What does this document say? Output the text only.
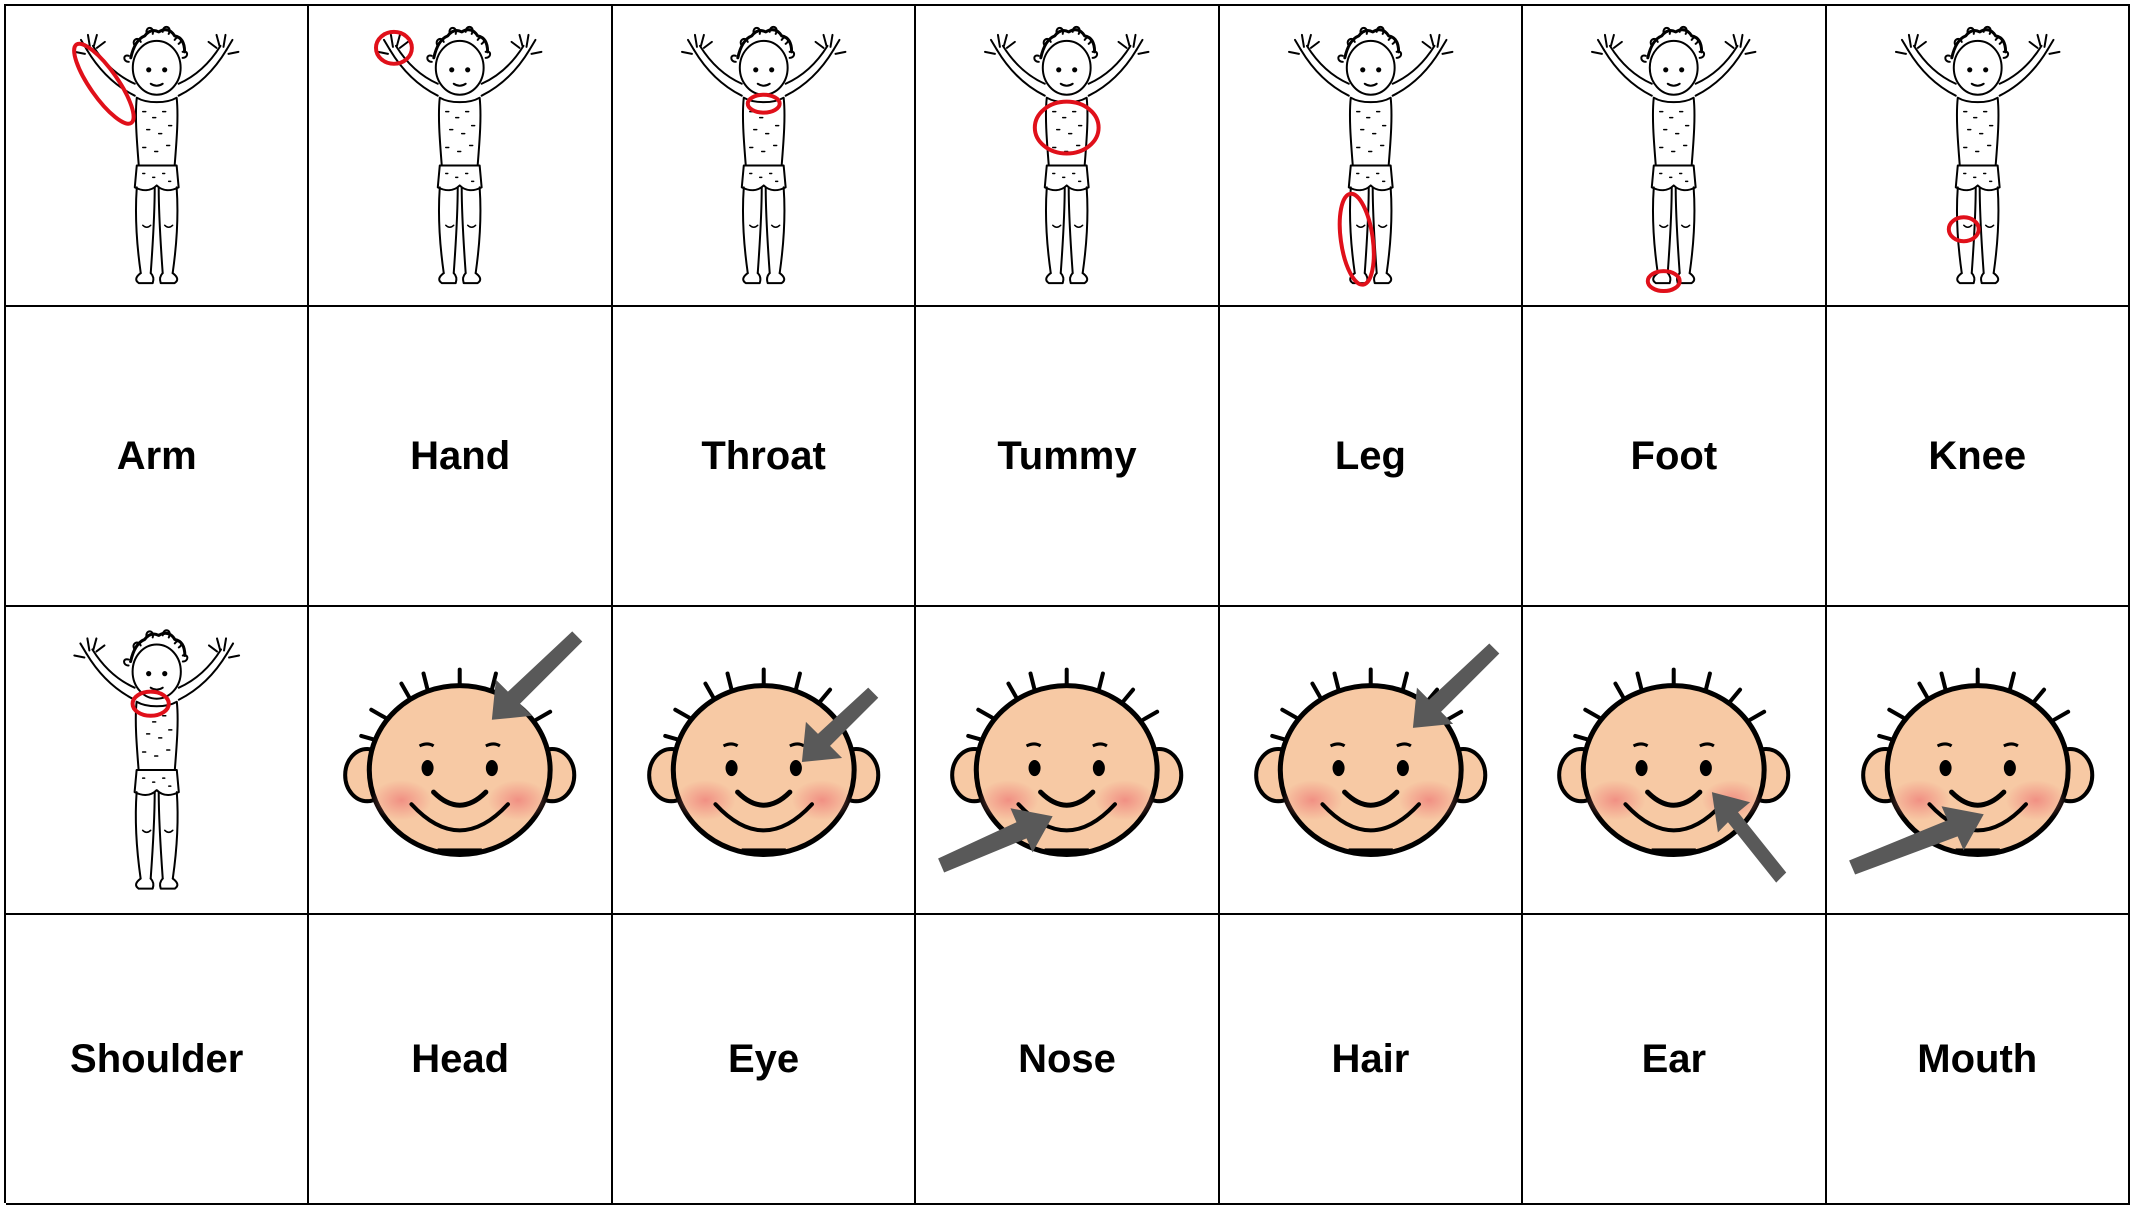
Arm	Hand	Throat	Tummy	Leg	Foot	Knee
Shoulder	Head	Eye	Nose	Hair	Ear	Mouth
